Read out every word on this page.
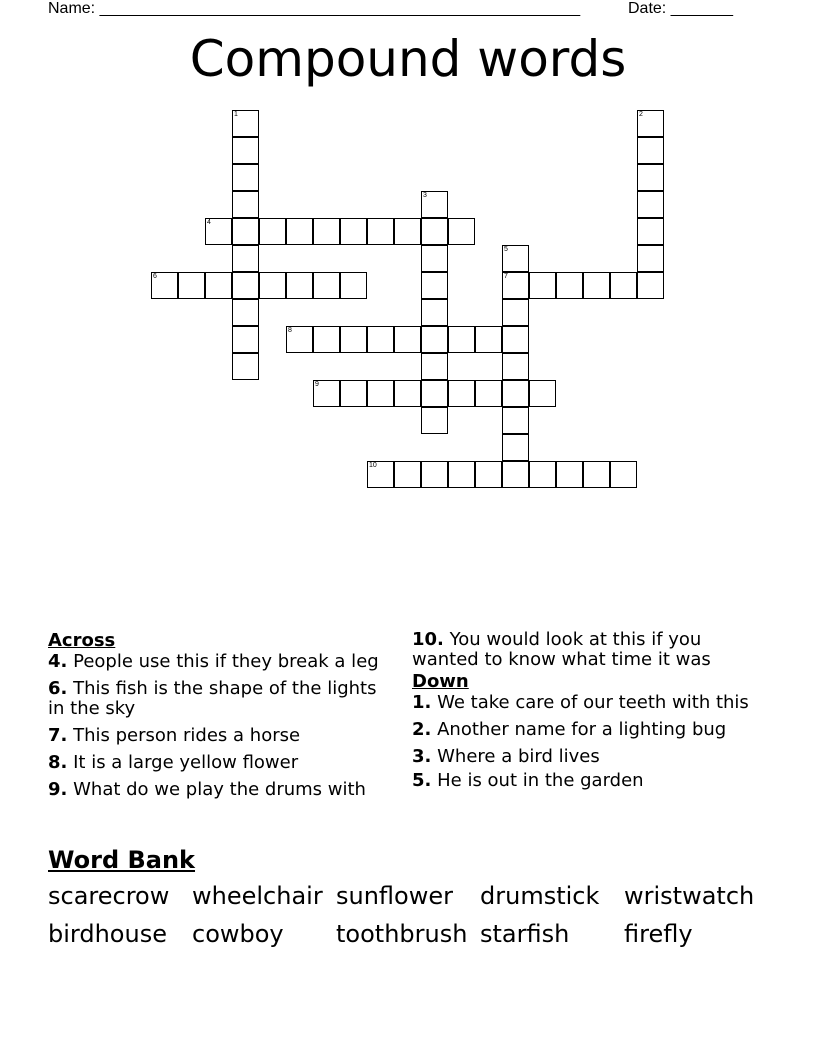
Name: ______________________________________________________	Date: _______
Compound words
1	2
3
4
5
7
6
8
9
10
Across
4. People use this if they break a leg
6. This fish is the shape of the lights in the sky
7. This person rides a horse
8. It is a large yellow flower
9. What do we play the drums with
10. You would look at this if you wanted to know what time it was
Down
1. We take care of our teeth with this
2. Another name for a lighting bug
3. Where a bird lives
5. He is out in the garden
Word Bank
scarecrow wheelchair sunflower drumstick wristwatch
birdhouse cowboy toothbrush starfish firefly
